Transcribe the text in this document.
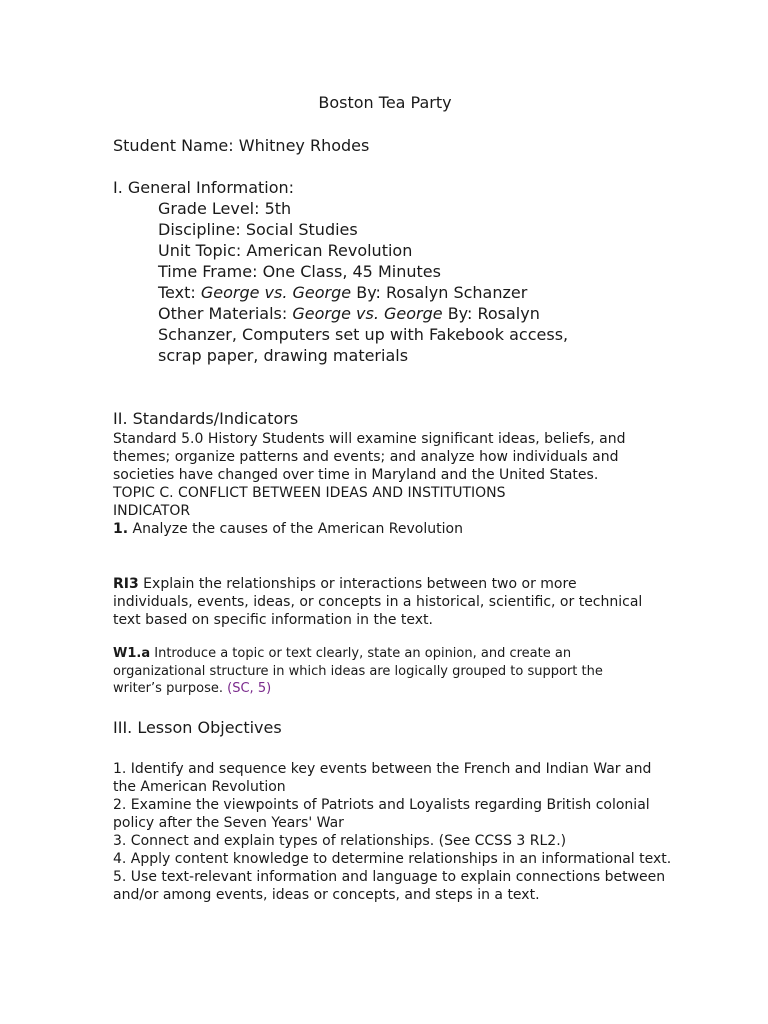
Boston Tea Party
Student Name: Whitney Rhodes
I. General Information:

Grade Level: 5th

Discipline: Social Studies

Unit Topic: American Revolution

Time Frame: One Class, 45 Minutes

Text: George vs. George By: Rosalyn Schanzer

Other Materials: George vs. George By: Rosalyn

Schanzer, Computers set up with Fakebook access,

scrap paper, drawing materials

II. Standards/Indicators

Standard 5.0 History Students will examine significant ideas, beliefs, and themes; organize patterns and events; and analyze how individuals and societies have changed over time in Maryland and the United States.

TOPIC C. CONFLICT BETWEEN IDEAS AND INSTITUTIONS

INDICATOR

1. Analyze the causes of the American Revolution

RI3 Explain the relationships or interactions between two or more individuals, events, ideas, or concepts in a historical, scientific, or technical text based on specific information in the text.

W1.a Introduce a topic or text clearly, state an opinion, and create an organizational structure in which ideas are logically grouped to support the writer’s purpose. (SC, 5)

III. Lesson Objectives

1. Identify and sequence key events between the French and Indian War and the American Revolution

2. Examine the viewpoints of Patriots and Loyalists regarding British colonial policy after the Seven Years' War

3. Connect and explain types of relationships. (See CCSS 3 RL2.)

4. Apply content knowledge to determine relationships in an informational text.

5. Use text-relevant information and language to explain connections between and/or among events, ideas or concepts, and steps in a text.
